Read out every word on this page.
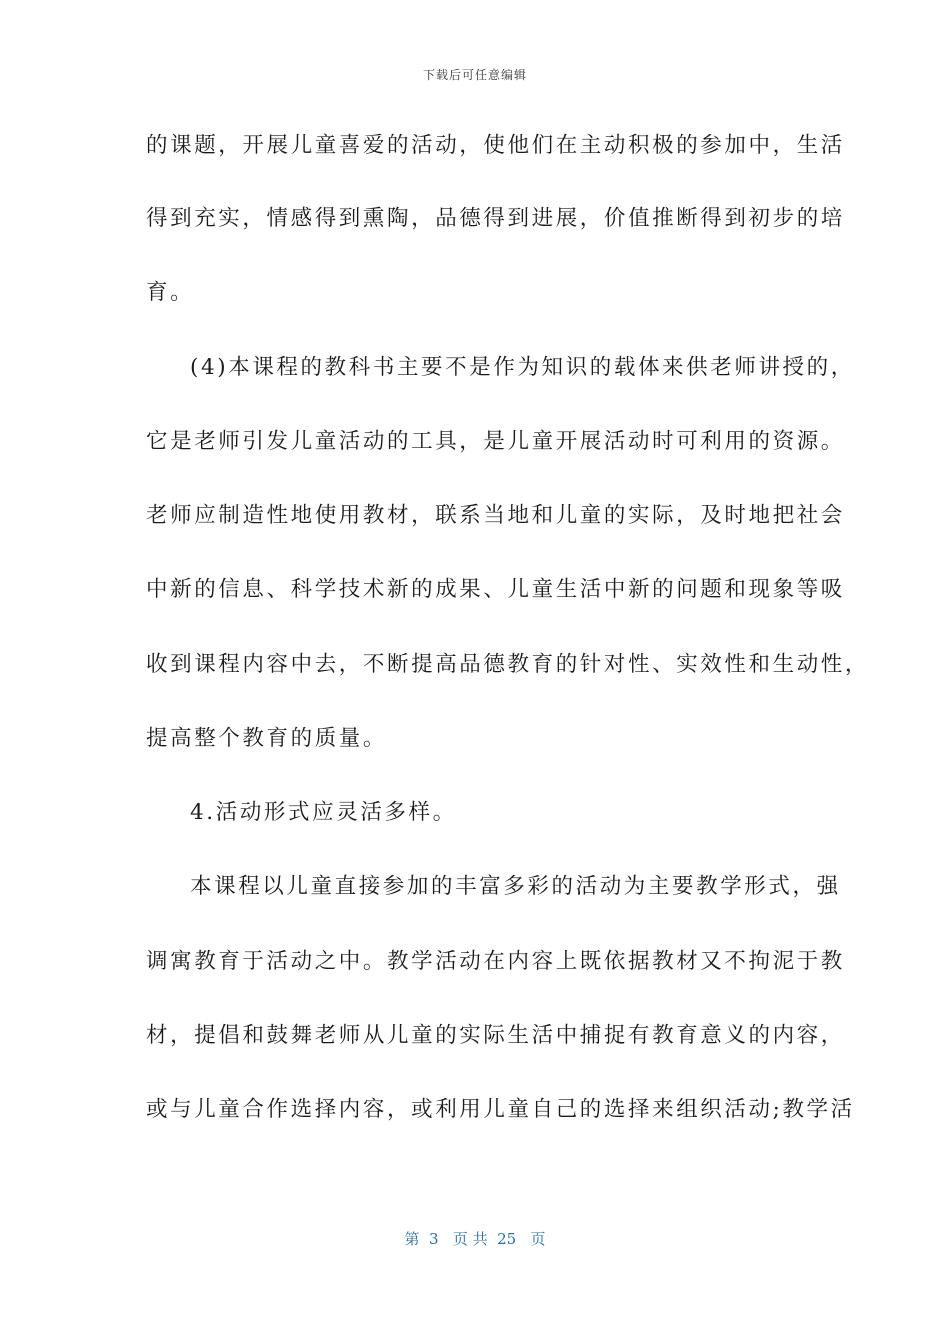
下载后可任意编辑
的课题，开展儿童喜爱的活动，使他们在主动积极的参加中，生活
得到充实，情感得到熏陶，品德得到进展，价值推断得到初步的培
育。
(4)本课程的教科书主要不是作为知识的载体来供老师讲授的，
它是老师引发儿童活动的工具，是儿童开展活动时可利用的资源。
老师应制造性地使用教材，联系当地和儿童的实际，及时地把社会
中新的信息、科学技术新的成果、儿童生活中新的问题和现象等吸
收到课程内容中去，不断提高品德教育的针对性、实效性和生动性，
提高整个教育的质量。
4.活动形式应灵活多样。
本课程以儿童直接参加的丰富多彩的活动为主要教学形式，强
调寓教育于活动之中。教学活动在内容上既依据教材又不拘泥于教
材，提倡和鼓舞老师从儿童的实际生活中捕捉有教育意义的内容，
或与儿童合作选择内容，或利用儿童自己的选择来组织活动;教学活
第  3   页 共  25   页
